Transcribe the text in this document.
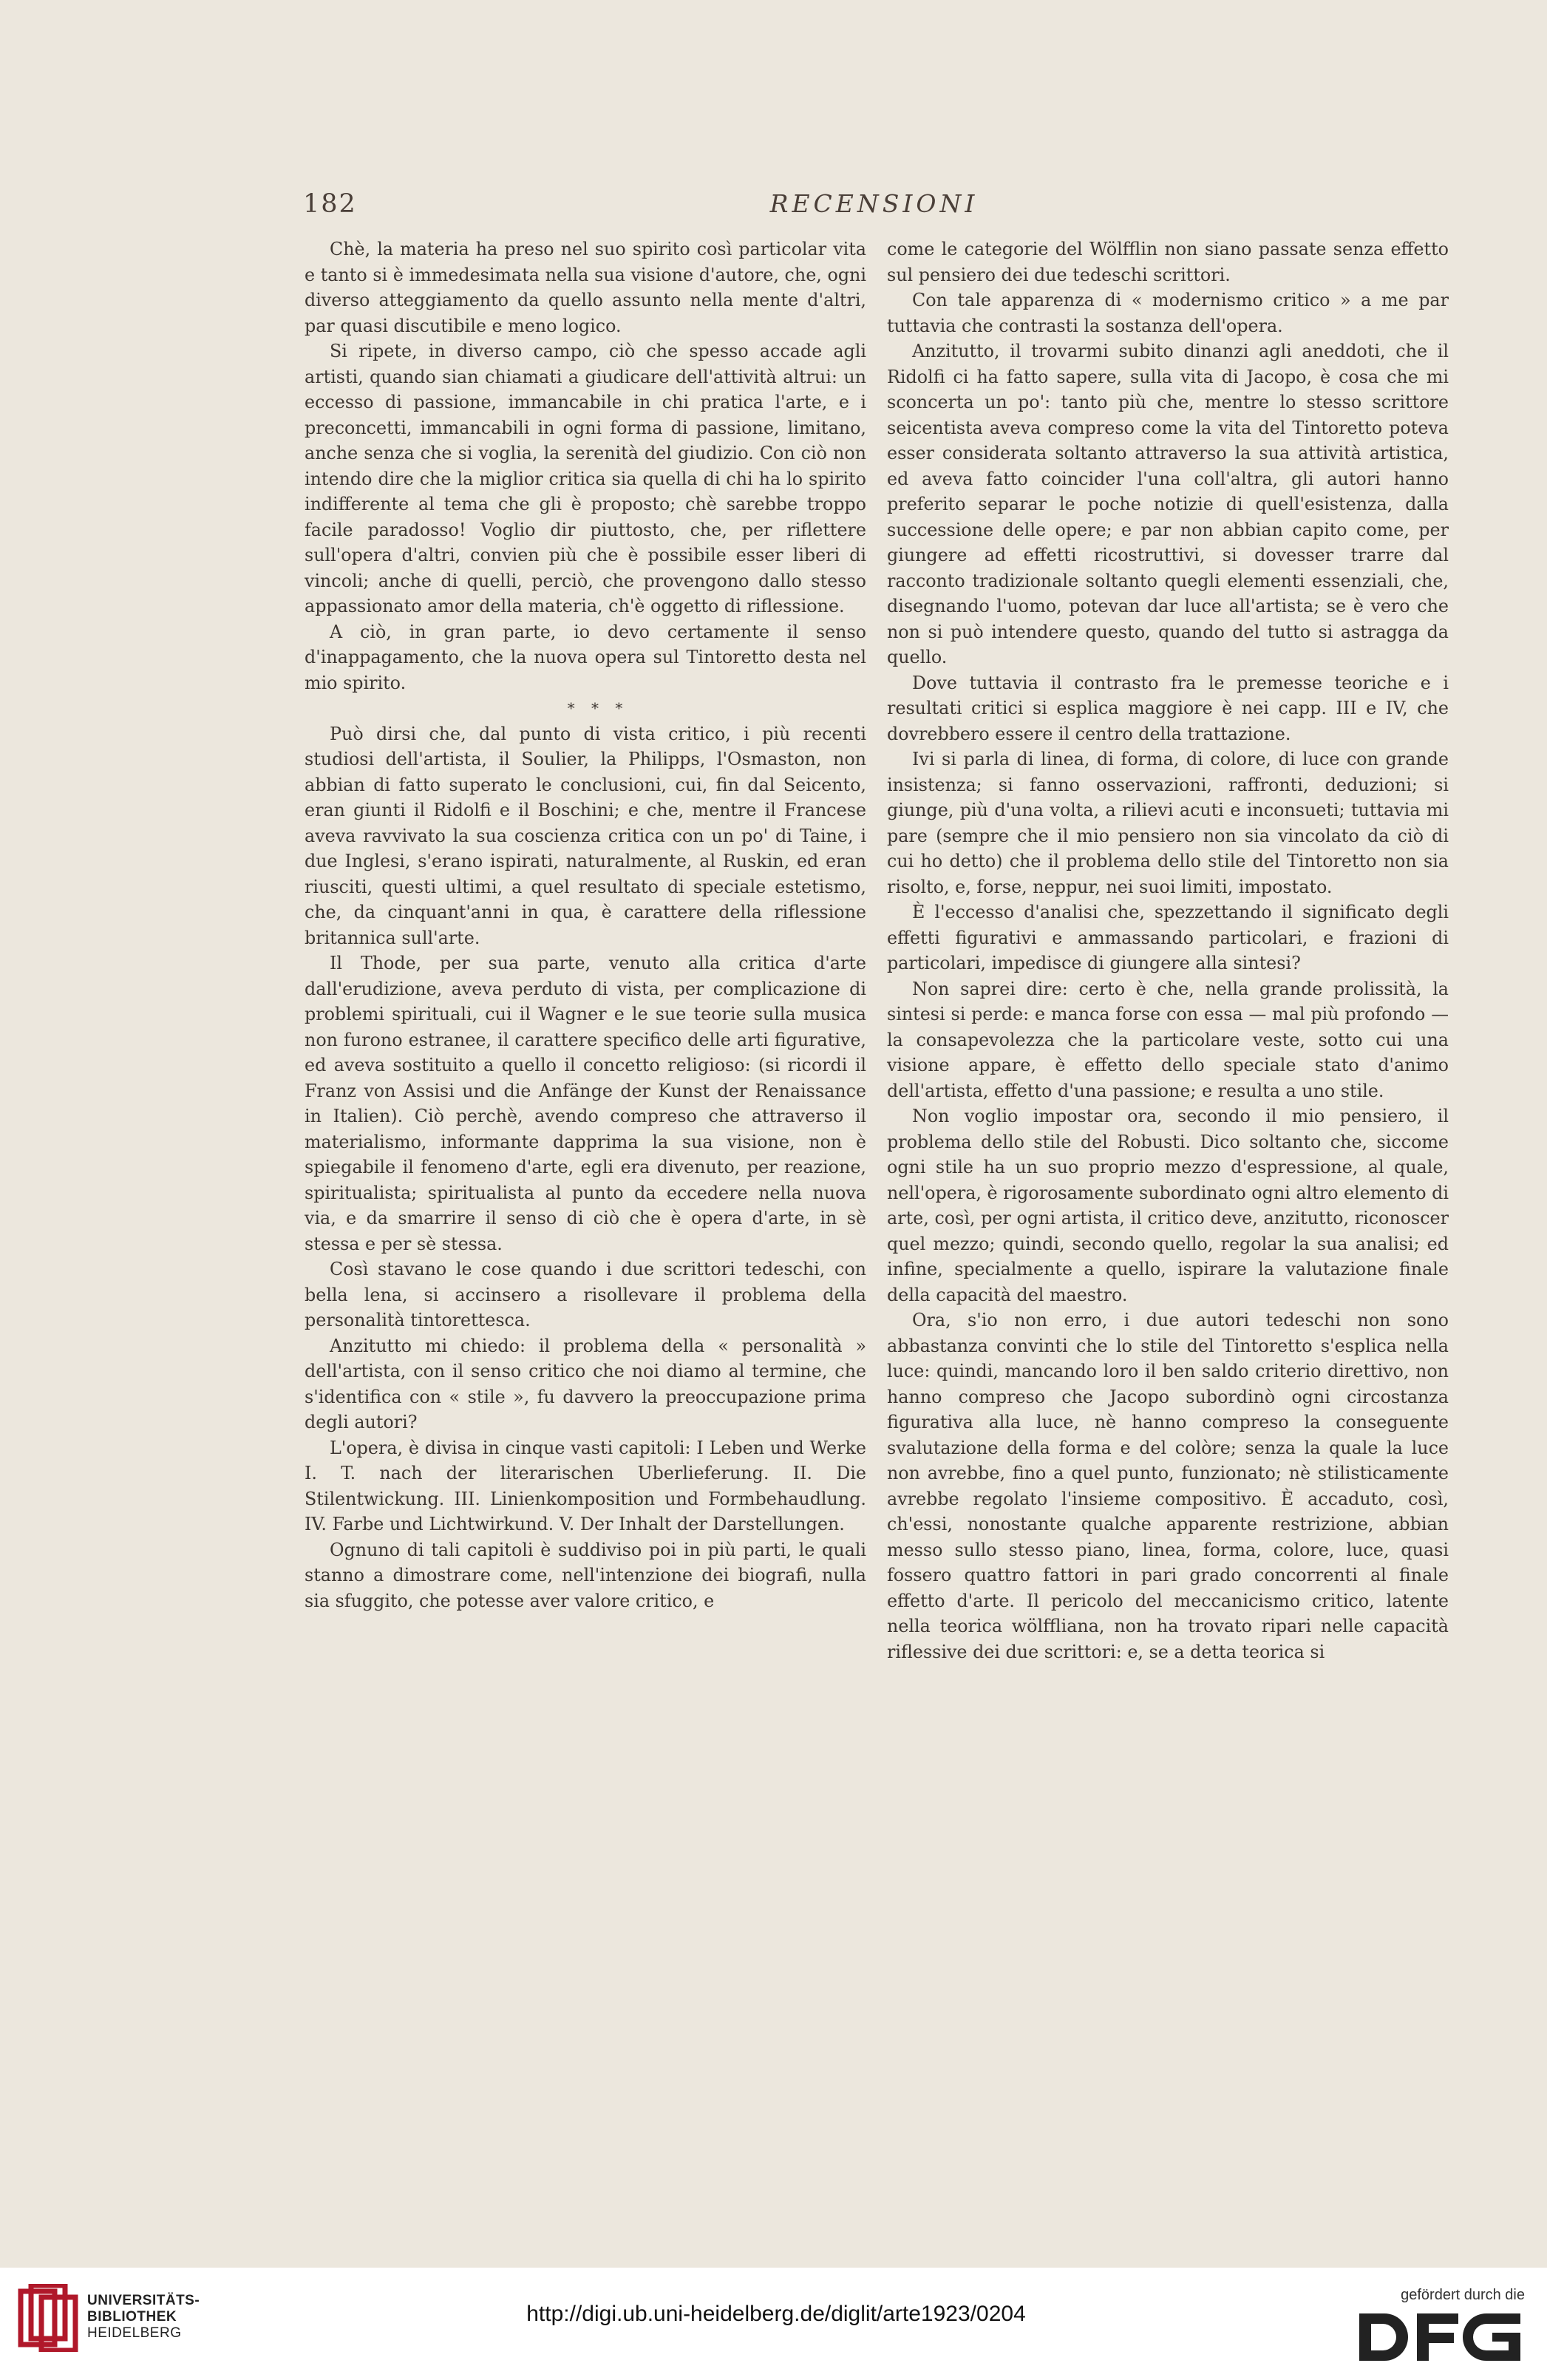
182	RECENSIONI

Chè, la materia ha preso nel suo spirito così particolar vita e tanto si è immedesimata nella sua visione d'autore, che, ogni diverso atteggiamento da quello assunto nella mente d'altri, par quasi discutibile e meno logico.

Si ripete, in diverso campo, ciò che spesso accade agli artisti, quando sian chiamati a giudicare dell'attività altrui: un eccesso di passione, immancabile in chi pratica l'arte, e i preconcetti, immancabili in ogni forma di passione, limitano, anche senza che si voglia, la serenità del giudizio. Con ciò non intendo dire che la miglior critica sia quella di chi ha lo spirito indifferente al tema che gli è proposto; chè sarebbe troppo facile paradosso! Voglio dir piuttosto, che, per riflettere sull'opera d'altri, convien più che è possibile esser liberi di vincoli; anche di quelli, perciò, che provengono dallo stesso appassionato amor della materia, ch'è oggetto di riflessione.

A ciò, in gran parte, io devo certamente il senso d'inappagamento, che la nuova opera sul Tintoretto desta nel mio spirito.

* * *

Può dirsi che, dal punto di vista critico, i più recenti studiosi dell'artista, il Soulier, la Philipps, l'Osmaston, non abbian di fatto superato le conclusioni, cui, fin dal Seicento, eran giunti il Ridolfi e il Boschini; e che, mentre il Francese aveva ravvivato la sua coscienza critica con un po' di Taine, i due Inglesi, s'erano ispirati, naturalmente, al Ruskin, ed eran riusciti, questi ultimi, a quel resultato di speciale estetismo, che, da cinquant'anni in qua, è carattere della riflessione britannica sull'arte.

Il Thode, per sua parte, venuto alla critica d'arte dall'erudizione, aveva perduto di vista, per complicazione di problemi spirituali, cui il Wagner e le sue teorie sulla musica non furono estranee, il carattere specifico delle arti figurative, ed aveva sostituito a quello il concetto religioso: (si ricordi il Franz von Assisi und die Anfänge der Kunst der Renaissance in Italien). Ciò perchè, avendo compreso che attraverso il materialismo, informante dapprima la sua visione, non è spiegabile il fenomeno d'arte, egli era divenuto, per reazione, spiritualista; spiritualista al punto da eccedere nella nuova via, e da smarrire il senso di ciò che è opera d'arte, in sè stessa e per sè stessa.

Così stavano le cose quando i due scrittori tedeschi, con bella lena, si accinsero a risollevare il problema della personalità tintorettesca.

Anzitutto mi chiedo: il problema della « personalità » dell'artista, con il senso critico che noi diamo al termine, che s'identifica con « stile », fu davvero la preoccupazione prima degli autori?

L'opera, è divisa in cinque vasti capitoli: I Leben und Werke I. T. nach der literarischen Uberlieferung. II. Die Stilentwickung. III. Linienkomposition und Formbehaudlung. IV. Farbe und Lichtwirkund. V. Der Inhalt der Darstellungen.

Ognuno di tali capitoli è suddiviso poi in più parti, le quali stanno a dimostrare come, nell'intenzione dei biografi, nulla sia sfuggito, che potesse aver valore critico, e

come le categorie del Wölfflin non siano passate senza effetto sul pensiero dei due tedeschi scrittori.

Con tale apparenza di « modernismo critico » a me par tuttavia che contrasti la sostanza dell'opera.

Anzitutto, il trovarmi subito dinanzi agli aneddoti, che il Ridolfi ci ha fatto sapere, sulla vita di Jacopo, è cosa che mi sconcerta un po': tanto più che, mentre lo stesso scrittore seicentista aveva compreso come la vita del Tintoretto poteva esser considerata soltanto attraverso la sua attività artistica, ed aveva fatto coincider l'una coll'altra, gli autori hanno preferito separar le poche notizie di quell'esistenza, dalla successione delle opere; e par non abbian capito come, per giungere ad effetti ricostruttivi, si dovesser trarre dal racconto tradizionale soltanto quegli elementi essenziali, che, disegnando l'uomo, potevan dar luce all'artista; se è vero che non si può intendere questo, quando del tutto si astragga da quello.

Dove tuttavia il contrasto fra le premesse teoriche e i resultati critici si esplica maggiore è nei capp. III e IV, che dovrebbero essere il centro della trattazione.

Ivi si parla di linea, di forma, di colore, di luce con grande insistenza; si fanno osservazioni, raffronti, deduzioni; si giunge, più d'una volta, a rilievi acuti e inconsueti; tuttavia mi pare (sempre che il mio pensiero non sia vincolato da ciò di cui ho detto) che il problema dello stile del Tintoretto non sia risolto, e, forse, neppur, nei suoi limiti, impostato.

È l'eccesso d'analisi che, spezzettando il significato degli effetti figurativi e ammassando particolari, e frazioni di particolari, impedisce di giungere alla sintesi?

Non saprei dire: certo è che, nella grande prolissità, la sintesi si perde: e manca forse con essa — mal più profondo — la consapevolezza che la particolare veste, sotto cui una visione appare, è effetto dello speciale stato d'animo dell'artista, effetto d'una passione; e resulta a uno stile.

Non voglio impostar ora, secondo il mio pensiero, il problema dello stile del Robusti. Dico soltanto che, siccome ogni stile ha un suo proprio mezzo d'espressione, al quale, nell'opera, è rigorosamente subordinato ogni altro elemento di arte, così, per ogni artista, il critico deve, anzitutto, riconoscer quel mezzo; quindi, secondo quello, regolar la sua analisi; ed infine, specialmente a quello, ispirare la valutazione finale della capacità del maestro.

Ora, s'io non erro, i due autori tedeschi non sono abbastanza convinti che lo stile del Tintoretto s'esplica nella luce: quindi, mancando loro il ben saldo criterio direttivo, non hanno compreso che Jacopo subordinò ogni circostanza figurativa alla luce, nè hanno compreso la conseguente svalutazione della forma e del colòre; senza la quale la luce non avrebbe, fino a quel punto, funzionato; nè stilisticamente avrebbe regolato l'insieme compositivo. È accaduto, così, ch'essi, nonostante qualche apparente restrizione, abbian messo sullo stesso piano, linea, forma, colore, luce, quasi fossero quattro fattori in pari grado concorrenti al finale effetto d'arte. Il pericolo del meccanicismo critico, latente nella teorica wölffliana, non ha trovato ripari nelle capacità riflessive dei due scrittori: e, se a detta teorica si

UNIVERSITÄTS-
BIBLIOTHEK
HEIDELBERG
http://digi.ub.uni-heidelberg.de/diglit/arte1923/0204
gefördert durch die
